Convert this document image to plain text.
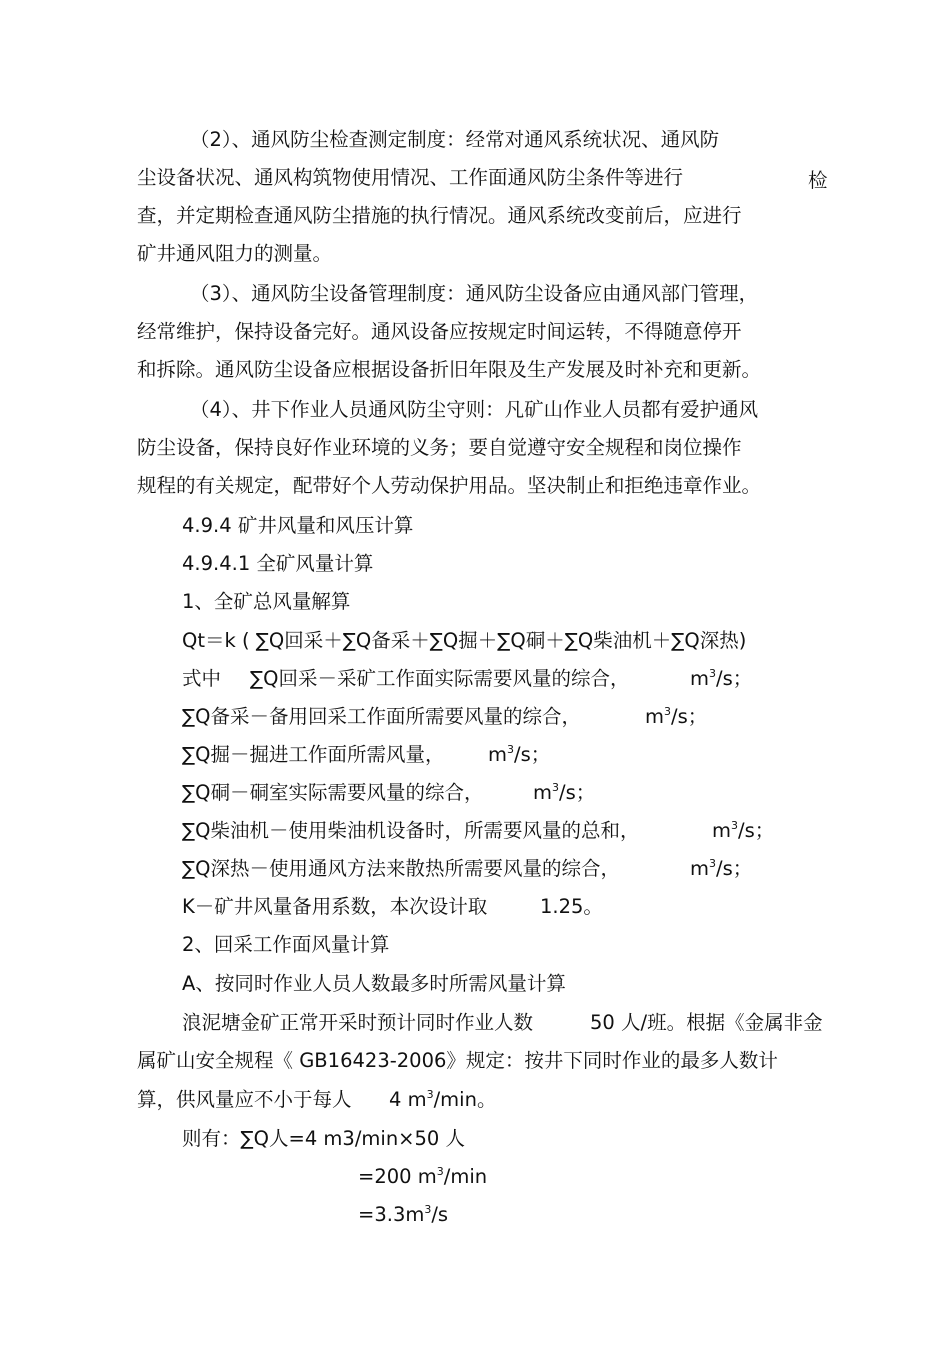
（2）、通风防尘检查测定制度：经常对通风系统状况、通风防
尘设备状况、通风构筑物使用情况、工作面通风防尘条件等进行	检
查，并定期检查通风防尘措施的执行情况。通风系统改变前后，应进行
矿井通风阻力的测量。
（3）、通风防尘设备管理制度：通风防尘设备应由通风部门管理，
经常维护，保持设备完好。通风设备应按规定时间运转，不得随意停开
和拆除。通风防尘设备应根据设备折旧年限及生产发展及时补充和更新。
（4）、井下作业人员通风防尘守则：凡矿山作业人员都有爱护通风
防尘设备，保持良好作业环境的义务；要自觉遵守安全规程和岗位操作
规程的有关规定，配带好个人劳动保护用品。坚决制止和拒绝违章作业。
4.9.4 矿井风量和风压计算
4.9.4.1 全矿风量计算
1、全矿总风量解算
Qt＝k ( ∑Q回采＋∑Q备采＋∑Q掘＋∑Q硐＋∑Q柴油机＋∑Q深热)
式中 ∑Q回采－采矿工作面实际需要风量的综合，	$m^3/s$；
∑Q备采－备用回采工作面所需要风量的综合，	$m^3/s$；
∑Q掘－掘进工作面所需风量， $m^3/s$；
∑Q硐－硐室实际需要风量的综合，	$m^3/s$；
∑Q柴油机－使用柴油机设备时，所需要风量的总和，	$m^3/s$；
∑Q深热－使用通风方法来散热所需要风量的综合，	$m^3/s$；
K－矿井风量备用系数，本次设计取	1.25。
2、回采工作面风量计算
A、按同时作业人员人数最多时所需风量计算
浪泥塘金矿正常开采时预计同时作业人数	50 人/班。根据《金属非金
属矿山安全规程《 GB16423-2006》规定：按井下同时作业的最多人数计
算，供风量应不小于每人 4 $m^3/\min$。
则有：∑Q人=4 m3/min×50 人
=200 $m^3/\min$
$=3.3m^3/s$
